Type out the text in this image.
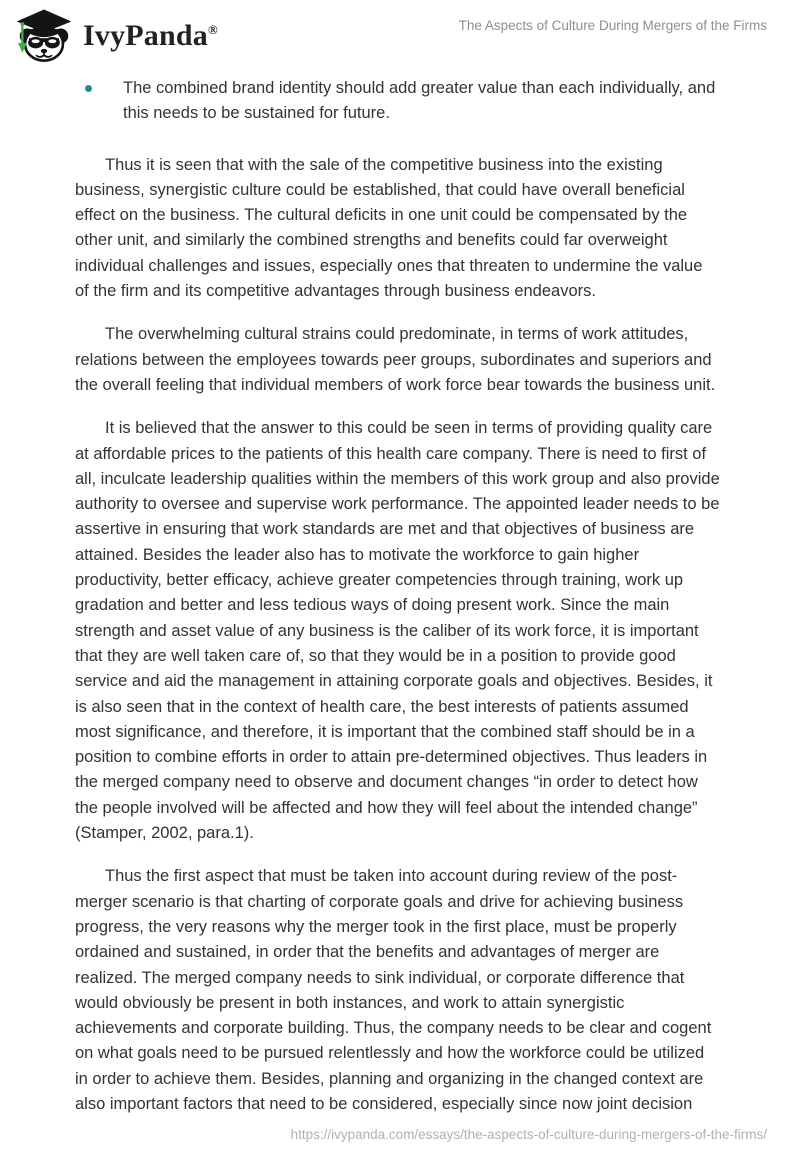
IvyPanda®	The Aspects of Culture During Mergers of the Firms
The combined brand identity should add greater value than each individually, and this needs to be sustained for future.

Thus it is seen that with the sale of the competitive business into the existing business, synergistic culture could be established, that could have overall beneficial effect on the business. The cultural deficits in one unit could be compensated by the other unit, and similarly the combined strengths and benefits could far overweight individual challenges and issues, especially ones that threaten to undermine the value of the firm and its competitive advantages through business endeavors.

The overwhelming cultural strains could predominate, in terms of work attitudes, relations between the employees towards peer groups, subordinates and superiors and the overall feeling that individual members of work force bear towards the business unit.

It is believed that the answer to this could be seen in terms of providing quality care at affordable prices to the patients of this health care company. There is need to first of all, inculcate leadership qualities within the members of this work group and also provide authority to oversee and supervise work performance. The appointed leader needs to be assertive in ensuring that work standards are met and that objectives of business are attained. Besides the leader also has to motivate the workforce to gain higher productivity, better efficacy, achieve greater competencies through training, work up gradation and better and less tedious ways of doing present work. Since the main strength and asset value of any business is the caliber of its work force, it is important that they are well taken care of, so that they would be in a position to provide good service and aid the management in attaining corporate goals and objectives. Besides, it is also seen that in the context of health care, the best interests of patients assumed most significance, and therefore, it is important that the combined staff should be in a position to combine efforts in order to attain pre-determined objectives. Thus leaders in the merged company need to observe and document changes “in order to detect how the people involved will be affected and how they will feel about the intended change” (Stamper, 2002, para.1).

Thus the first aspect that must be taken into account during review of the post-merger scenario is that charting of corporate goals and drive for achieving business progress, the very reasons why the merger took in the first place, must be properly ordained and sustained, in order that the benefits and advantages of merger are realized. The merged company needs to sink individual, or corporate difference that would obviously be present in both instances, and work to attain synergistic achievements and corporate building. Thus, the company needs to be clear and cogent on what goals need to be pursued relentlessly and how the workforce could be utilized in order to achieve them. Besides, planning and organizing in the changed context are also important factors that need to be considered, especially since now joint decision

https://ivypanda.com/essays/the-aspects-of-culture-during-mergers-of-the-firms/
